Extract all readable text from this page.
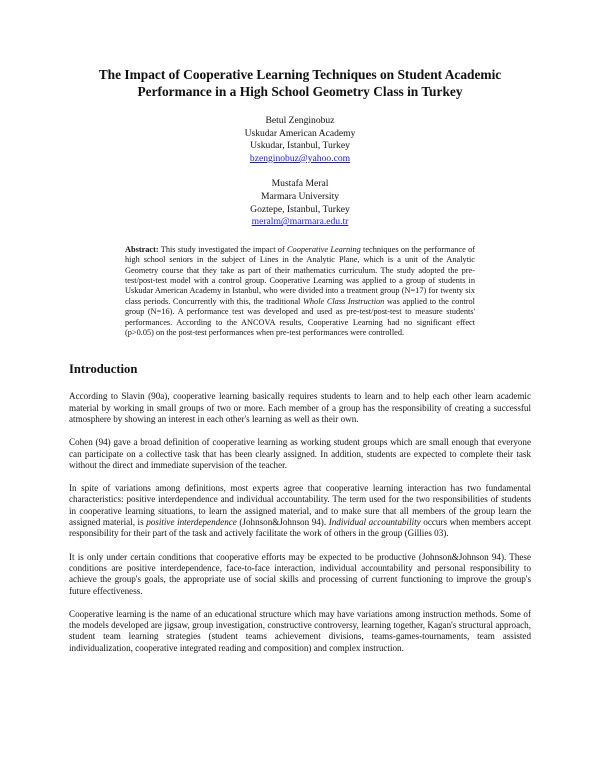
The Impact of Cooperative Learning Techniques on Student Academic
Performance in a High School Geometry Class in Turkey
Betul Zenginobuz
Uskudar American Academy
Uskudar, Istanbul, Turkey
bzenginobuz@yahoo.com
Mustafa Meral
Marmara University
Goztepe, Istanbul, Turkey
meralm@marmara.edu.tr

Abstract: This study investigated the impact of Cooperative Learning techniques on the performance of high school seniors in the subject of Lines in the Analytic Plane, which is a unit of the Analytic Geometry course that they take as part of their mathematics curriculum. The study adopted the pre-test/post-test model with a control group. Cooperative Learning was applied to a group of students in Uskudar American Academy in Istanbul, who were divided into a treatment group (N=17) for twenty six class periods. Concurrently with this, the traditional Whole Class Instruction was applied to the control group (N=16). A performance test was developed and used as pre-test/post-test to measure students' performances. According to the ANCOVA results, Cooperative Learning had no significant effect (p>0.05) on the post-test performances when pre-test performances were controlled.

Introduction

According to Slavin (90a), cooperative learning basically requires students to learn and to help each other learn academic material by working in small groups of two or more. Each member of a group has the responsibility of creating a successful atmosphere by showing an interest in each other's learning as well as their own.

Cohen (94) gave a broad definition of cooperative learning as working student groups which are small enough that everyone can participate on a collective task that has been clearly assigned. In addition, students are expected to complete their task without the direct and immediate supervision of the teacher.

In spite of variations among definitions, most experts agree that cooperative learning interaction has two fundamental characteristics: positive interdependence and individual accountability. The term used for the two responsibilities of students in cooperative learning situations, to learn the assigned material, and to make sure that all members of the group learn the assigned material, is positive interdependence (Johnson&Johnson 94). Individual accountability occurs when members accept responsibility for their part of the task and actively facilitate the work of others in the group (Gillies 03).

It is only under certain conditions that cooperative efforts may be expected to be productive (Johnson&Johnson 94). These conditions are positive interdependence, face-to-face interaction, individual accountability and personal responsibility to achieve the group's goals, the appropriate use of social skills and processing of current functioning to improve the group's future effectiveness.

Cooperative learning is the name of an educational structure which may have variations among instruction methods. Some of the models developed are jigsaw, group investigation, constructive controversy, learning together, Kagan's structural approach, student team learning strategies (student teams achievement divisions, teams-games-tournaments, team assisted individualization, cooperative integrated reading and composition) and complex instruction.
